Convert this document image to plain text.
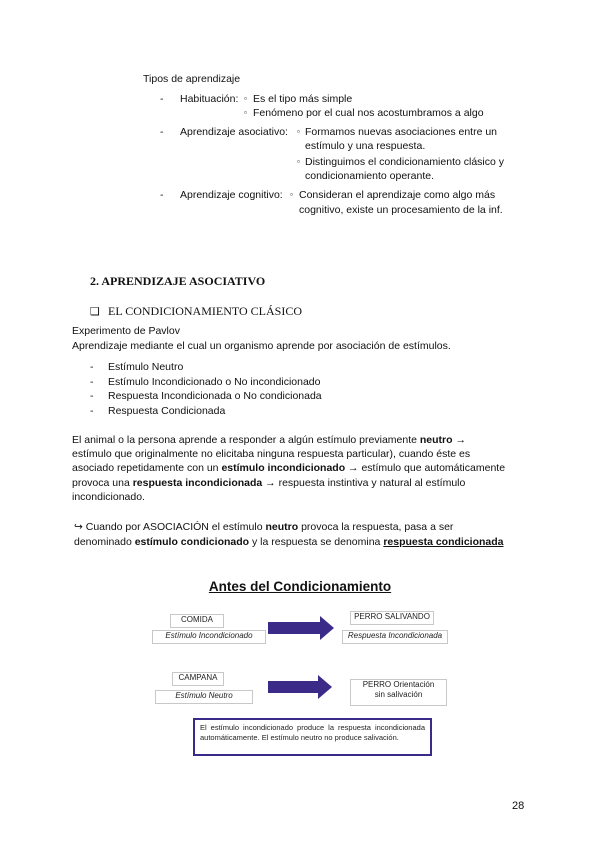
Tipos de aprendizaje
- Habituación: ▫ Es el tipo más simple
▫ Fenómeno por el cual nos acostumbramos a algo
- Aprendizaje asociativo: ▫ Formamos nuevas asociaciones entre un
estímulo y una respuesta.
▫ Distinguimos el condicionamiento clásico y
condicionamiento operante.
- Aprendizaje cognitivo: ▫ Consideran el aprendizaje como algo más
cognitivo, existe un procesamiento de la inf.
2. APRENDIZAJE ASOCIATIVO
❑ EL CONDICIONAMIENTO CLÁSICO
Experimento de Pavlov
Aprendizaje mediante el cual un organismo aprende por asociación de estímulos.
- Estímulo Neutro
- Estímulo Incondicionado o No incondicionado
- Respuesta Incondicionada o No condicionada
- Respuesta Condicionada
El animal o la persona aprende a responder a algún estímulo previamente neutro →
estímulo que originalmente no elicitaba ninguna respuesta particular), cuando éste es
asociado repetidamente con un estímulo incondicionado → estímulo que automáticamente
provoca una respuesta incondicionada → respuesta instintiva y natural al estímulo
incondicionado.
↪ Cuando por ASOCIACIÓN el estímulo neutro provoca la respuesta, pasa a ser
denominado estímulo condicionado y la respuesta se denomina respuesta condicionada
Antes del Condicionamiento
COMIDA
Estímulo Incondicionado
PERRO SALIVANDO
Respuesta Incondicionada
CAMPANA
Estímulo Neutro
PERRO Orientación
sin salivación
El estímulo incondicionado produce la respuesta incondicionada automáticamente. El estímulo neutro no produce salivación.
28
